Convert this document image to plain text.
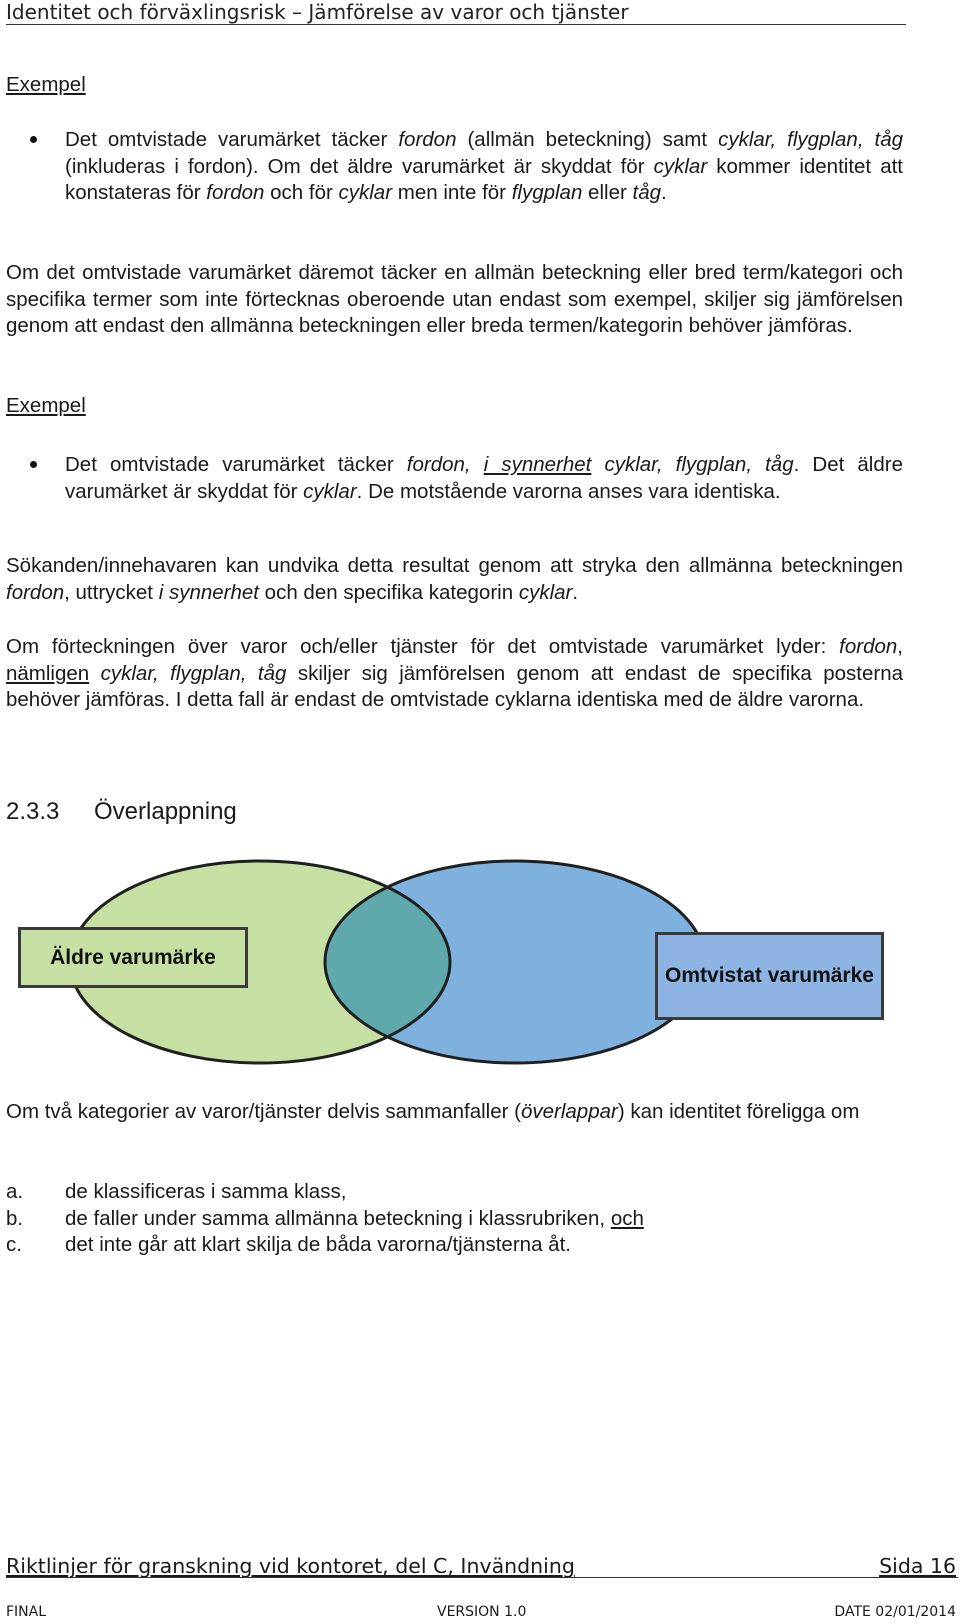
Identitet och förväxlingsrisk – Jämförelse av varor och tjänster
Exempel

Det omtvistade varumärket täcker fordon (allmän beteckning) samt cyklar, flygplan, tåg (inkluderas i fordon). Om det äldre varumärket är skyddat för cyklar kommer identitet att konstateras för fordon och för cyklar men inte för flygplan eller tåg.

Om det omtvistade varumärket däremot täcker en allmän beteckning eller bred term/kategori och specifika termer som inte förtecknas oberoende utan endast som exempel, skiljer sig jämförelsen genom att endast den allmänna beteckningen eller breda termen/kategorin behöver jämföras.

Exempel

Det omtvistade varumärket täcker fordon, i synnerhet cyklar, flygplan, tåg. Det äldre varumärket är skyddat för cyklar. De motstående varorna anses vara identiska.

Sökanden/innehavaren kan undvika detta resultat genom att stryka den allmänna beteckningen fordon, uttrycket i synnerhet och den specifika kategorin cyklar.

Om förteckningen över varor och/eller tjänster för det omtvistade varumärket lyder: fordon, nämligen cyklar, flygplan, tåg skiljer sig jämförelsen genom att endast de specifika posterna behöver jämföras. I detta fall är endast de omtvistade cyklarna identiska med de äldre varorna.

2.3.3 Överlappning
Äldre varumärke
Omtvistat varumärke

Om två kategorier av varor/tjänster delvis sammanfaller (överlappar) kan identitet föreligga om

a. de klassificeras i samma klass,
b. de faller under samma allmänna beteckning i klassrubriken, och
c. det inte går att klart skilja de båda varorna/tjänsterna åt.
Riktlinjer för granskning vid kontoret, del C, Invändning	Sida 16
FINAL	VERSION 1.0	DATE 02/01/2014
